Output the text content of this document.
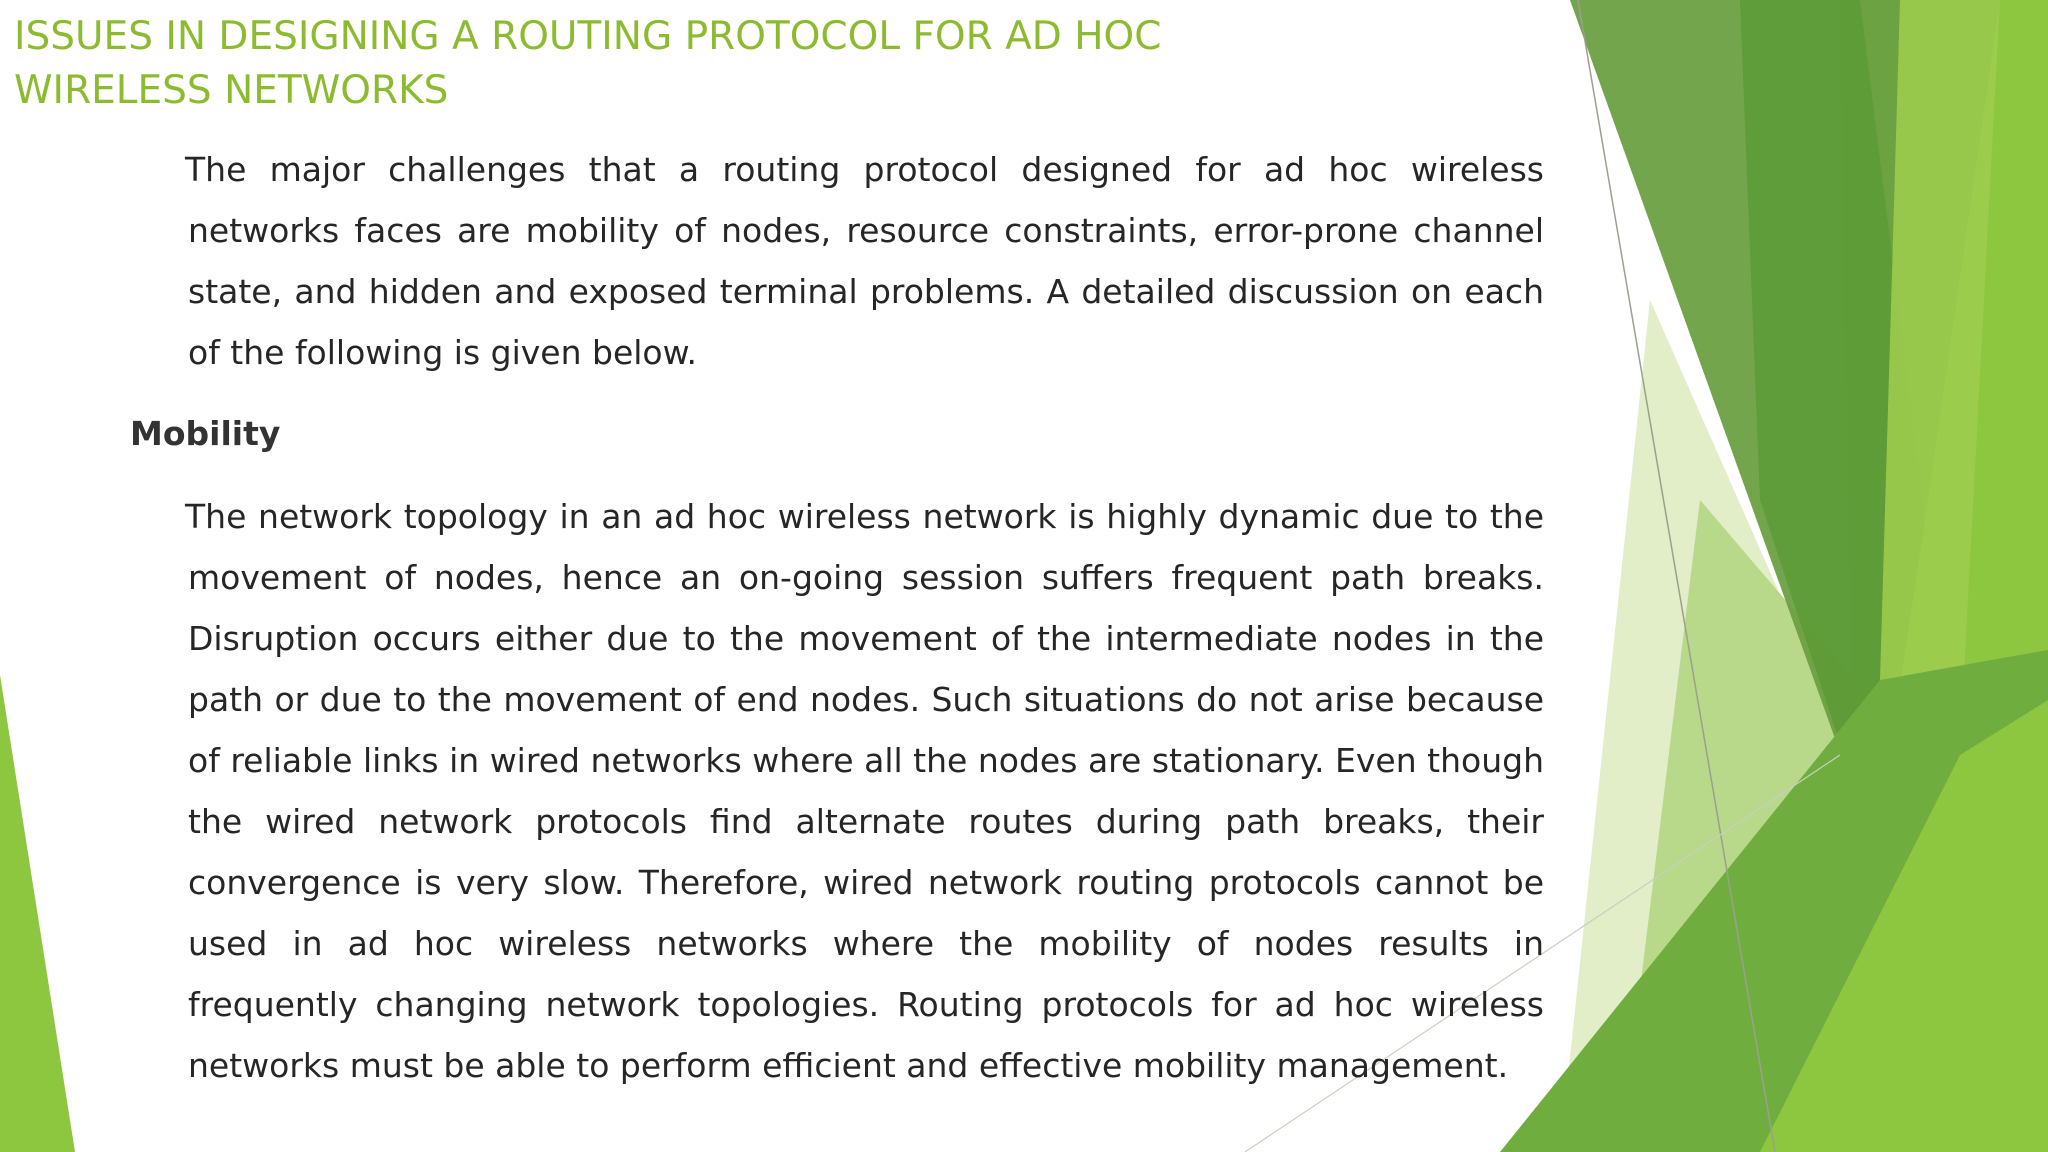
ISSUES IN DESIGNING A ROUTING PROTOCOL FOR AD HOC WIRELESS NETWORKS

The major challenges that a routing protocol designed for ad hoc wireless networks faces are mobility of nodes, resource constraints, error-prone channel state, and hidden and exposed terminal problems. A detailed discussion on each of the following is given below.

Mobility

The network topology in an ad hoc wireless network is highly dynamic due to the movement of nodes, hence an on-going session suffers frequent path breaks. Disruption occurs either due to the movement of the intermediate nodes in the path or due to the movement of end nodes. Such situations do not arise because of reliable links in wired networks where all the nodes are stationary. Even though the wired network protocols find alternate routes during path breaks, their convergence is very slow. Therefore, wired network routing protocols cannot be used in ad hoc wireless networks where the mobility of nodes results in frequently changing network topologies. Routing protocols for ad hoc wireless networks must be able to perform efficient and effective mobility management.
